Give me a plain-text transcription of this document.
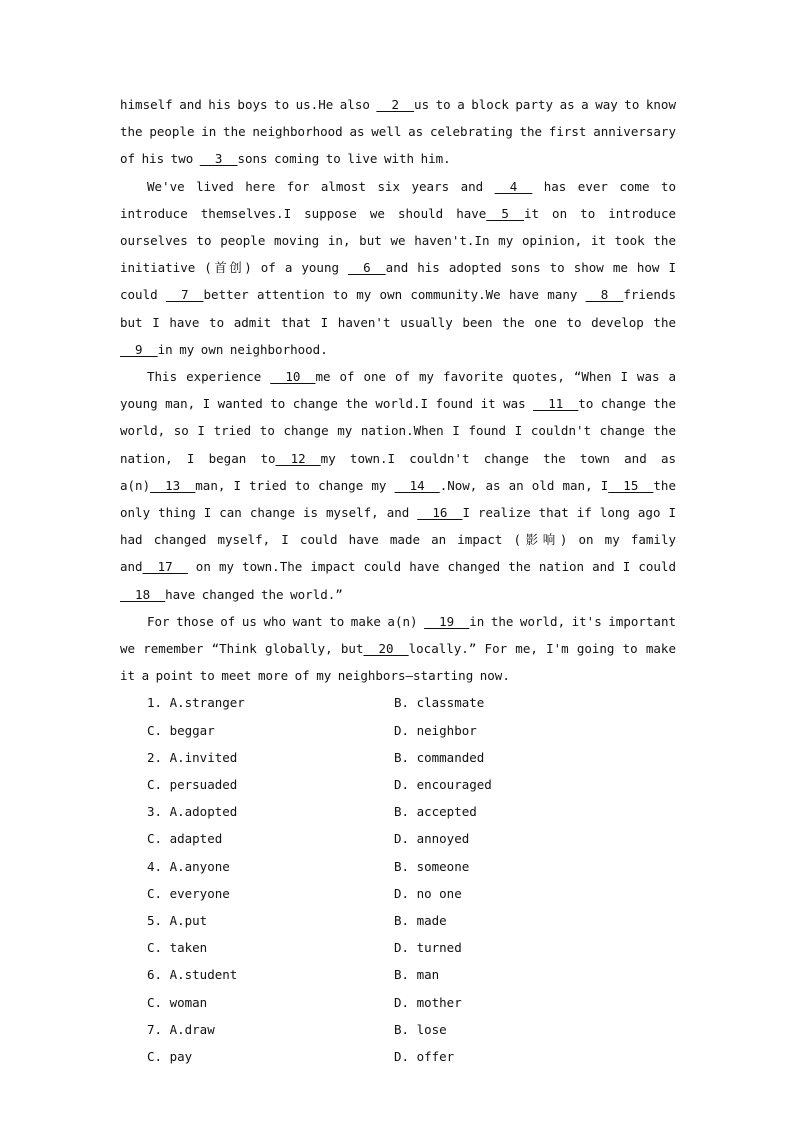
himself and his boys to us.He also __2__us to a block party as a way to know the people in the neighborhood as well as celebrating the first anniversary of his two __3__sons coming to live with him.

We've lived here for almost six years and __4__ has ever come to introduce themselves.I suppose we should have__5__it on to introduce ourselves to people moving in, but we haven't.In my opinion, it took the initiative (首创) of a young __6__and his adopted sons to show me how I could __7__better attention to my own community.We have many __8__friends but I have to admit that I haven't usually been the one to develop the __9__in my own neighborhood.

This experience __10__me of one of my favorite quotes, “When I was a young man, I wanted to change the world.I found it was __11__to change the world, so I tried to change my nation.When I found I couldn't change the nation, I began to__12__my town.I couldn't change the town and as a(n)__13__man, I tried to change my __14__.Now, as an old man, I__15__the only thing I can change is myself, and __16__I realize that if long ago I had changed myself, I could have made an impact (影响) on my family and__17__ on my town.The impact could have changed the nation and I could __18__have changed the world.”

For those of us who want to make a(n) __19__in the world, it's important we remember “Think globally, but__20__locally.” For me, I'm going to make it a point to meet more of my neighbors—starting now.

1. A.stranger	B. classmate
C. beggar	D. neighbor
2. A.invited	B. commanded
C. persuaded	D. encouraged
3. A.adopted	B. accepted
C. adapted	D. annoyed
4. A.anyone	B. someone
C. everyone	D. no one
5. A.put	B. made
C. taken	D. turned
6. A.student	B. man
C. woman	D. mother
7. A.draw	B. lose
C. pay	D. offer
